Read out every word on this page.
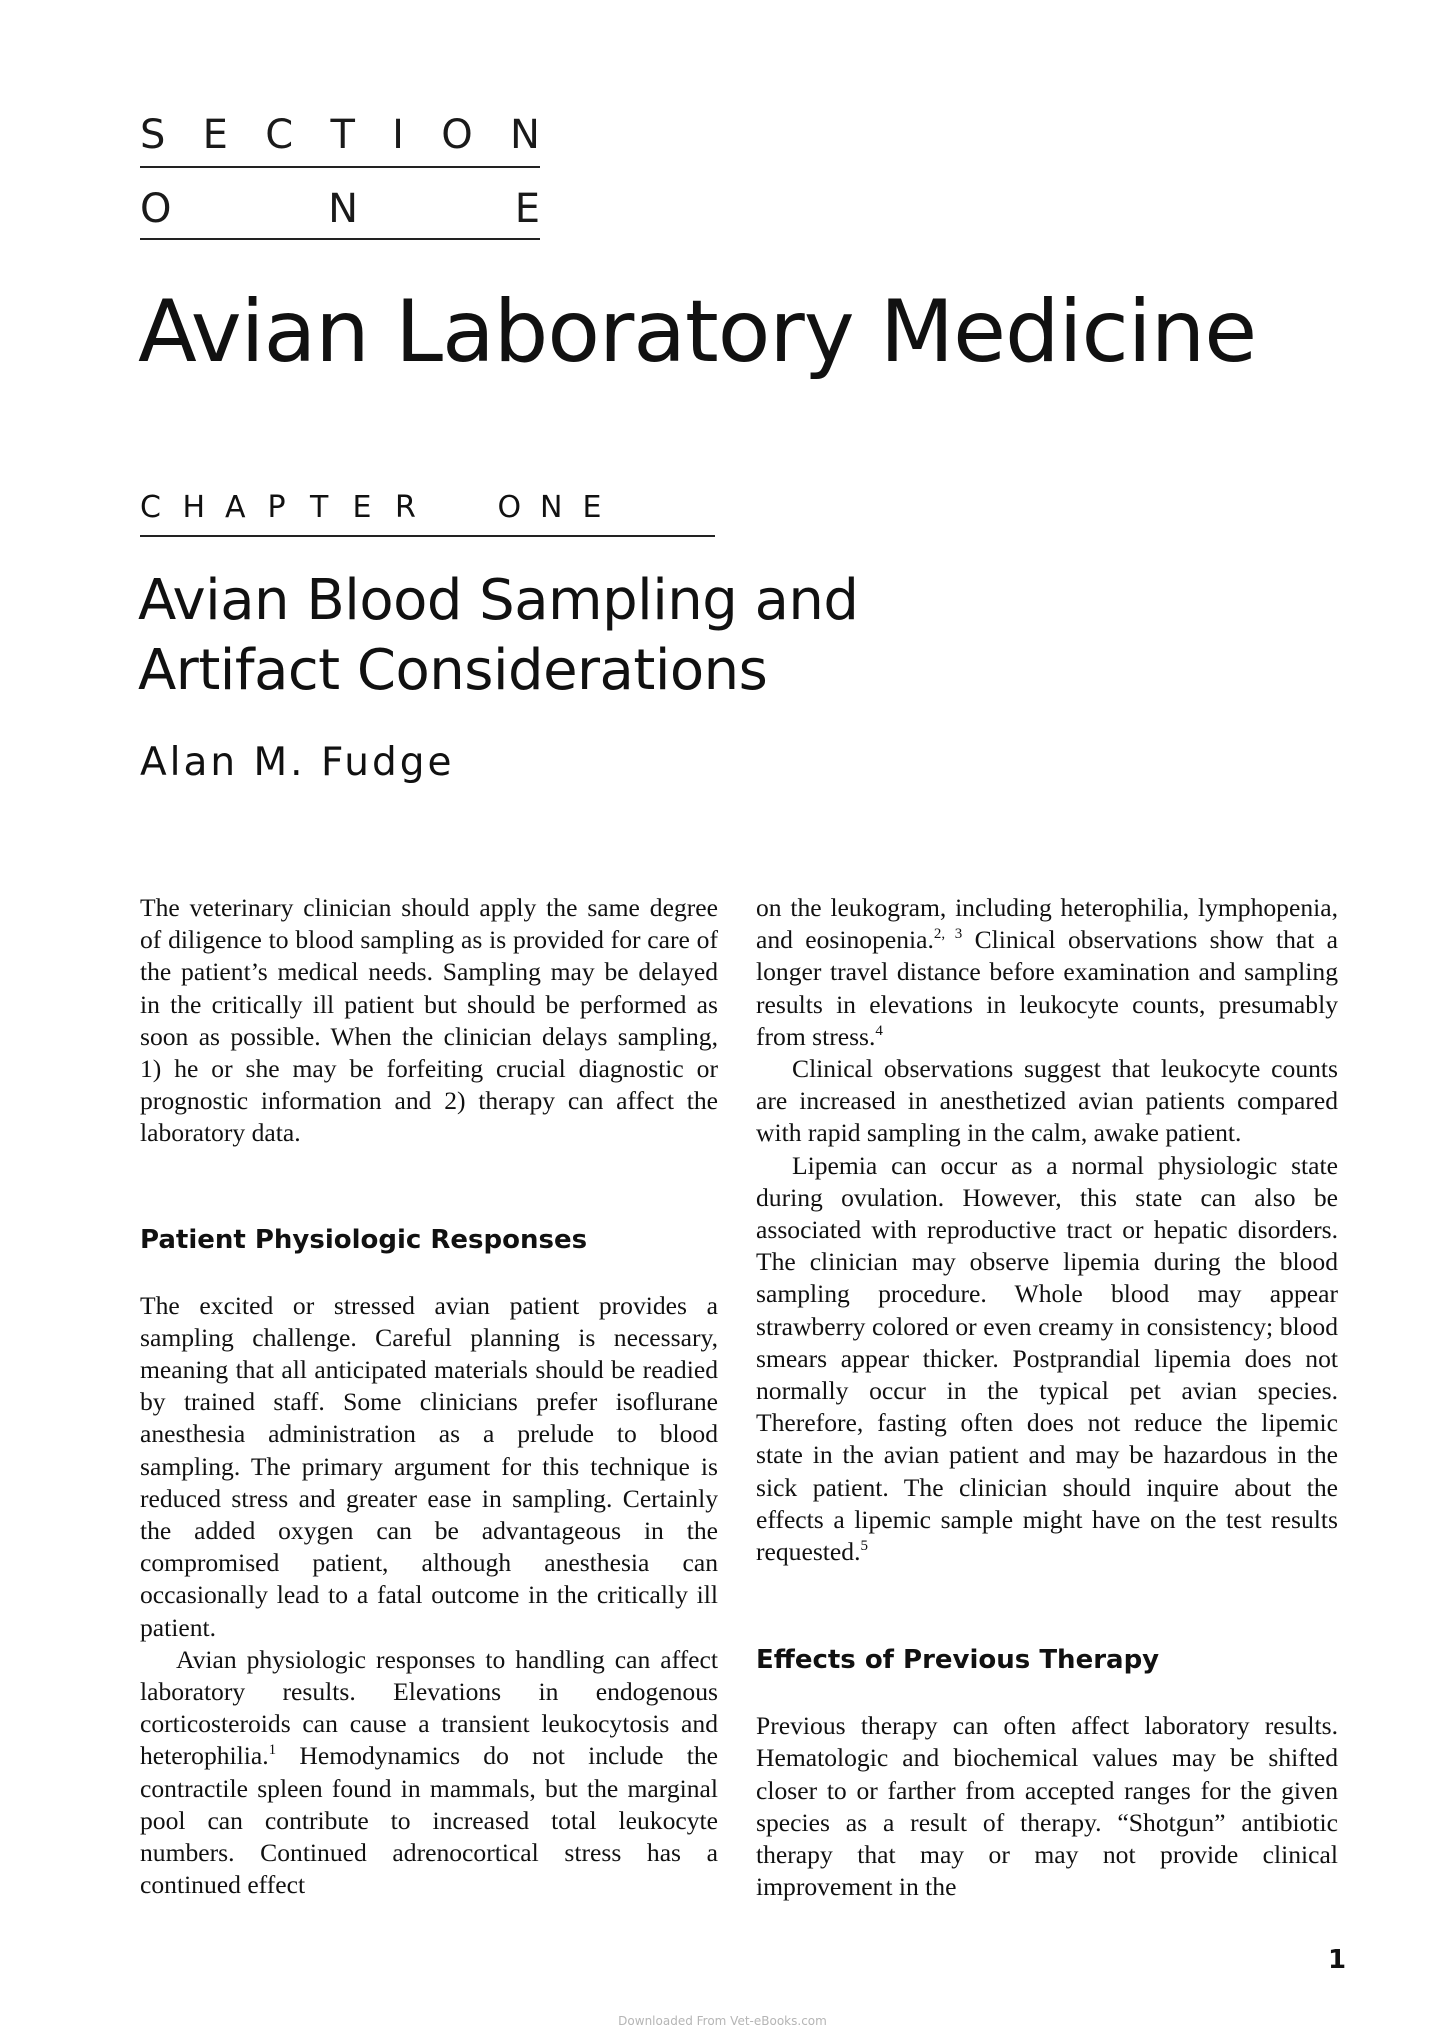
S E C T I O N
O	N	E
Avian Laboratory Medicine
C H A P T E R	O N E
Avian Blood Sampling and
Artifact Considerations
Alan M. Fudge

The veterinary clinician should apply the same degree of diligence to blood sampling as is provided for care of the patient’s medical needs. Sampling may be delayed in the critically ill patient but should be performed as soon as possible. When the clinician delays sampling, 1) he or she may be forfeiting crucial diagnostic or prognostic information and 2) therapy can affect the laboratory data.

Patient Physiologic Responses

The excited or stressed avian patient provides a sampling challenge. Careful planning is necessary, meaning that all anticipated materials should be readied by trained staff. Some clinicians prefer isoflurane anesthesia administration as a prelude to blood sampling. The primary argument for this technique is reduced stress and greater ease in sampling. Certainly the added oxygen can be advantageous in the compromised patient, although anesthesia can occasionally lead to a fatal outcome in the critically ill patient.

Avian physiologic responses to handling can affect laboratory results. Elevations in endogenous corticosteroids can cause a transient leukocytosis and heterophilia.$^1$ Hemodynamics do not include the contractile spleen found in mammals, but the marginal pool can contribute to increased total leukocyte numbers. Continued adrenocortical stress has a continued effect

on the leukogram, including heterophilia, lymphopenia, and eosinopenia.$^{2, 3}$ Clinical observations show that a longer travel distance before examination and sampling results in elevations in leukocyte counts, presumably from stress.$^4$

Clinical observations suggest that leukocyte counts are increased in anesthetized avian patients compared with rapid sampling in the calm, awake patient.

Lipemia can occur as a normal physiologic state during ovulation. However, this state can also be associated with reproductive tract or hepatic disorders. The clinician may observe lipemia during the blood sampling procedure. Whole blood may appear strawberry colored or even creamy in consistency; blood smears appear thicker. Postprandial lipemia does not normally occur in the typical pet avian species. Therefore, fasting often does not reduce the lipemic state in the avian patient and may be hazardous in the sick patient. The clinician should inquire about the effects a lipemic sample might have on the test results requested.$^5$

Effects of Previous Therapy

Previous therapy can often affect laboratory results. Hematologic and biochemical values may be shifted closer to or farther from accepted ranges for the given species as a result of therapy. “Shotgun” antibiotic therapy that may or may not provide clinical improvement in the

1
Downloaded From Vet-eBooks.com
